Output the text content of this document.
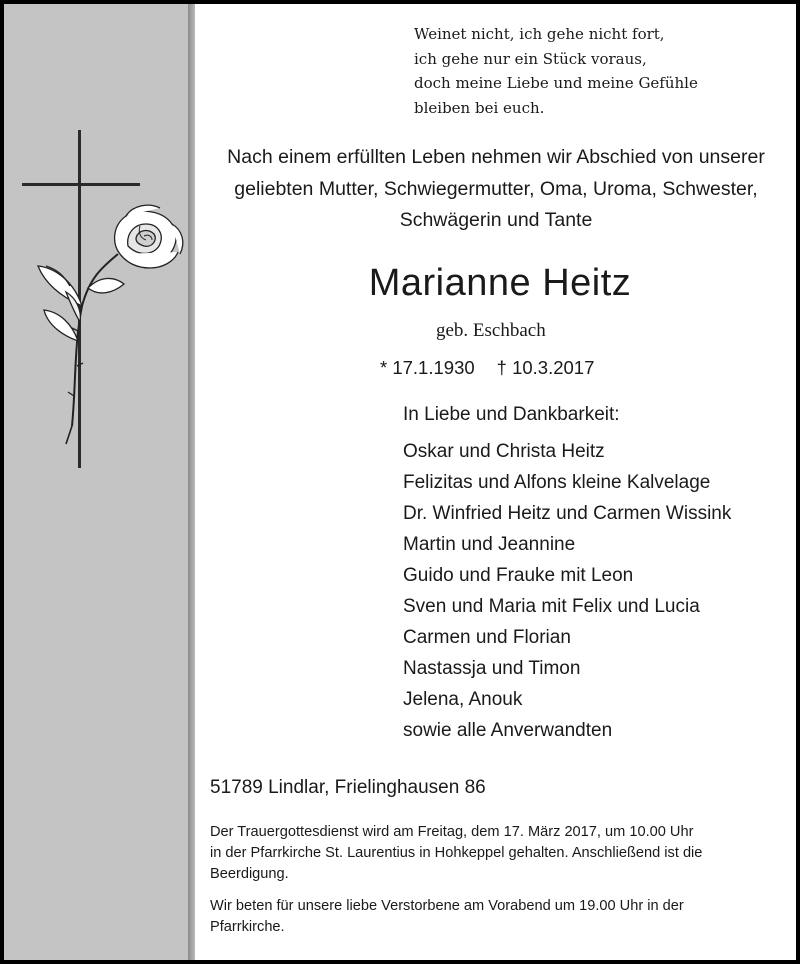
Weinet nicht, ich gehe nicht fort,
ich gehe nur ein Stück voraus,
doch meine Liebe und meine Gefühle
bleiben bei euch.
Nach einem erfüllten Leben nehmen wir Abschied von unserer
geliebten Mutter, Schwiegermutter, Oma, Uroma, Schwester,
Schwägerin und Tante
Marianne Heitz
geb. Eschbach
* 17.1.1930 † 10.3.2017
In Liebe und Dankbarkeit:
Oskar und Christa Heitz
Felizitas und Alfons kleine Kalvelage
Dr. Winfried Heitz und Carmen Wissink
Martin und Jeannine
Guido und Frauke mit Leon
Sven und Maria mit Felix und Lucia
Carmen und Florian
Nastassja und Timon
Jelena, Anouk
sowie alle Anverwandten
51789 Lindlar, Frielinghausen 86
Der Trauergottesdienst wird am Freitag, dem 17. März 2017, um 10.00 Uhr
in der Pfarrkirche St. Laurentius in Hohkeppel gehalten. Anschließend ist die
Beerdigung.
Wir beten für unsere liebe Verstorbene am Vorabend um 19.00 Uhr in der
Pfarrkirche.
